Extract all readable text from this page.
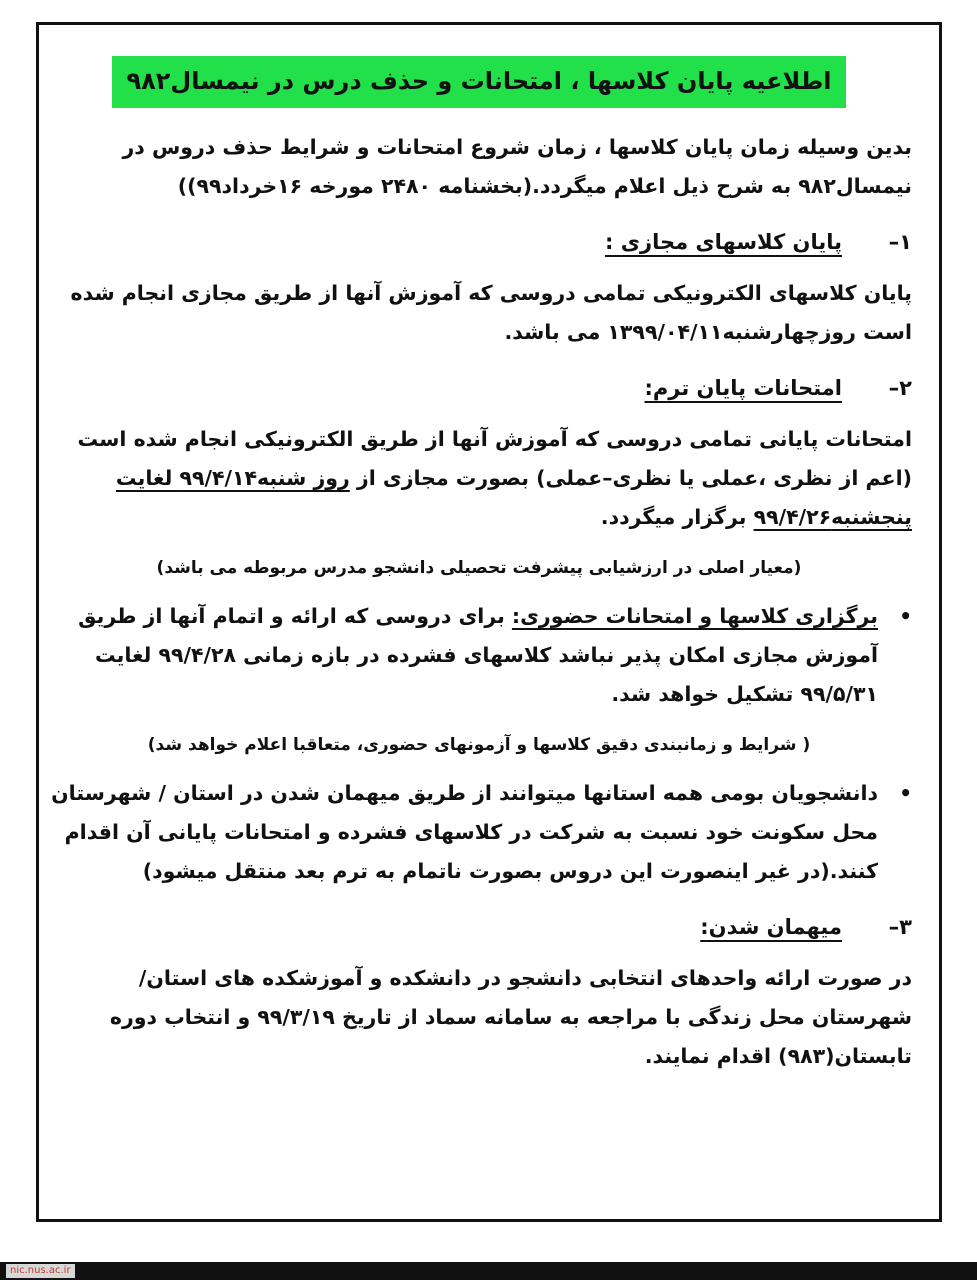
اطلاعیه پایان کلاسها ، امتحانات و حذف درس در نیمسال۹۸۲

بدین وسیله زمان پایان کلاسها ، زمان شروع امتحانات و شرایط حذف دروس در نیمسال۹۸۲ به شرح ذیل اعلام میگردد.(بخشنامه ۲۴۸۰ مورخه ۱۶خرداد۹۹))

۱–
پایان کلاسهای مجازی :

پایان کلاسهای الکترونیکی تمامی دروسی که آموزش آنها از طریق مجازی انجام شده است روزچهارشنبه۱۳۹۹/۰۴/۱۱ می باشد.

۲–
امتحانات پایان ترم:

امتحانات پایانی تمامی دروسی که آموزش آنها از طریق الکترونیکی انجام شده است (اعم از نظری ،عملی یا نظری–عملی) بصورت مجازی از روز شنبه۹۹/۴/۱۴ لغایت پنجشنبه۹۹/۴/۲۶ برگزار میگردد.

(معیار اصلی در ارزشیابی پیشرفت تحصیلی دانشجو مدرس مربوطه می باشد)
•

برگزاری کلاسها و امتحانات حضوری: برای دروسی که ارائه و اتمام آنها از طریق آموزش مجازی امکان پذیر نباشد کلاسهای فشرده در بازه زمانی ۹۹/۴/۲۸ لغایت ۹۹/۵/۳۱ تشکیل خواهد شد.

( شرایط و زمانبندی دقیق کلاسها و آزمونهای حضوری، متعاقبا اعلام خواهد شد)
•

دانشجویان بومی همه استانها میتوانند از طریق میهمان شدن در استان / شهرستان محل سکونت خود نسبت به شرکت در کلاسهای فشرده و امتحانات پایانی آن اقدام کنند.(در غیر اینصورت این دروس بصورت ناتمام به ترم بعد منتقل میشود)

۳–
میهمان شدن:

در صورت ارائه واحدهای انتخابی دانشجو در دانشکده و آموزشکده های استان/شهرستان محل زندگی با مراجعه به سامانه سماد از تاریخ ۹۹/۳/۱۹ و انتخاب دوره تابستان(۹۸۳) اقدام نمایند.

nic.nus.ac.ir
